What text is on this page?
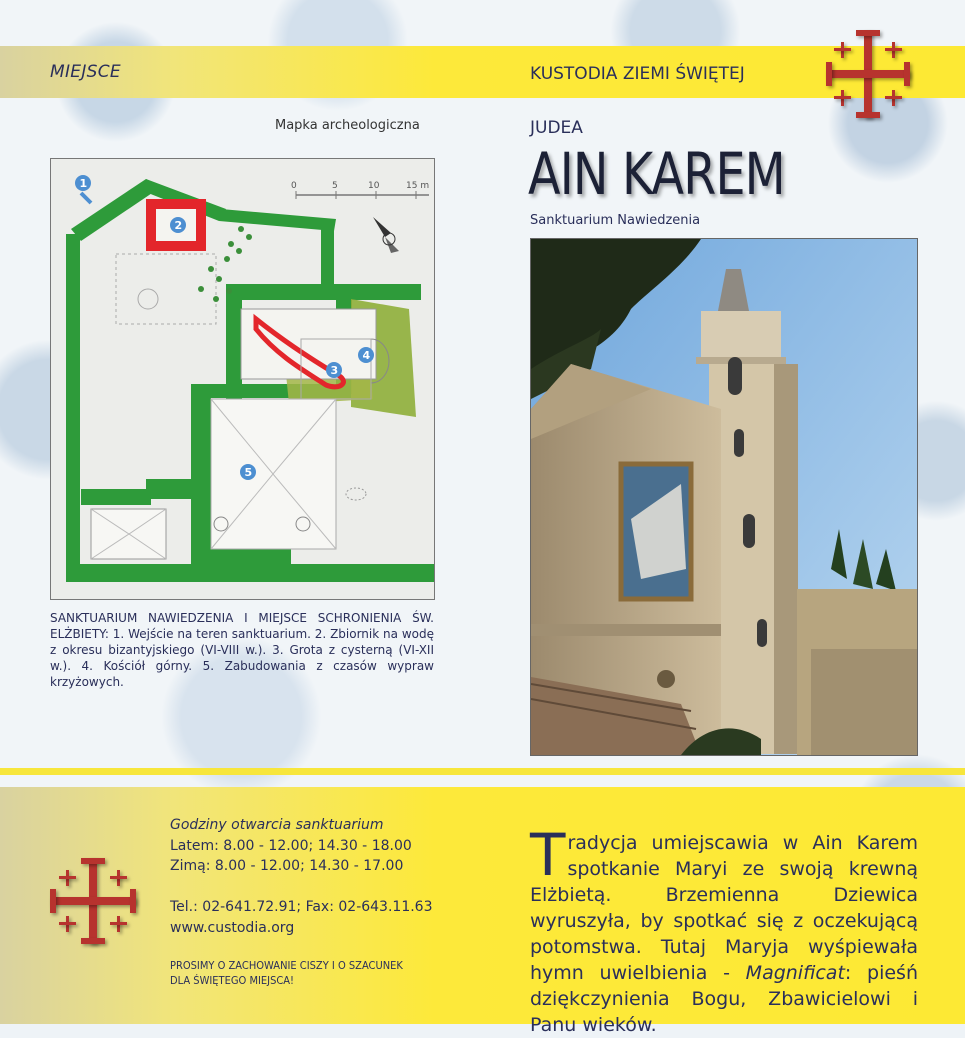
MIEJSCE	KUSTODIA ZIEMI ŚWIĘTEJ
Mapka archeologiczna	JUDEA
AIN KAREM
Sanktuarium Nawiedzenia
0	5	10	15 m
1
2
3
4
5
SANKTUARIUM NAWIEDZENIA I MIEJSCE SCHRONIENIA ŚW. ELŻBIETY: 1. Wejście na teren sanktuarium. 2. Zbiornik na wodę z okresu bizantyjskiego (VI-VIII w.). 3. Grota z cysterną (VI-XII w.). 4. Kościół górny. 5. Zabudowania z czasów wypraw krzyżowych.
Godziny otwarcia sanktuarium
Latem: 8.00 - 12.00; 14.30 - 18.00
Zimą: 8.00 - 12.00; 14.30 - 17.00
Tel.: 02-641.72.91; Fax: 02-643.11.63
www.custodia.org
PROSIMY O ZACHOWANIE CISZY I O SZACUNEK
DLA ŚWIĘTEGO MIEJSCA!
Tradycja umiejscawia w Ain Karem spotkanie Maryi ze swoją krewną Elżbietą. Brzemienna Dziewica wyruszyła, by spotkać się z oczekującą potomstwa. Tutaj Maryja wyśpiewała hymn uwielbienia - Magnificat: pieśń dziękczynienia Bogu, Zbawicielowi i Panu wieków.
